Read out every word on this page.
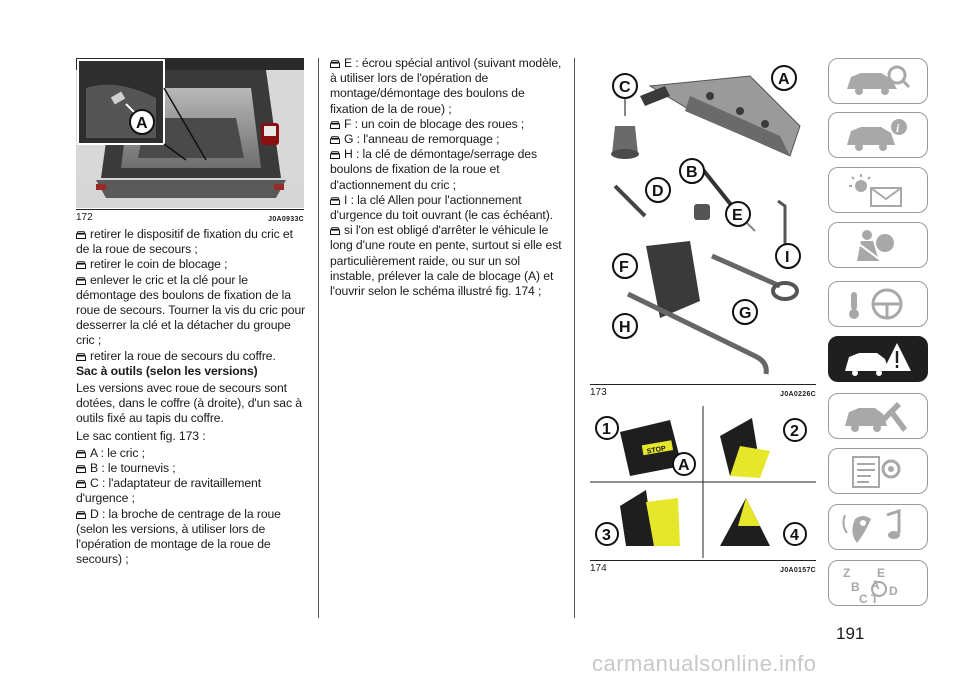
A
172	J0A0933C
retirer le dispositif de fixation du cric et de la roue de secours ;
retirer le coin de blocage ;
enlever le cric et la clé pour le démontage des boulons de fixation de la roue de secours. Tourner la vis du cric pour desserrer la clé et la détacher du groupe cric ;
retirer la roue de secours du coffre.

Sac à outils (selon les versions)

Les versions avec roue de secours sont dotées, dans le coffre (à droite), d'un sac à outils fixé au tapis du coffre.

Le sac contient fig. 173 :

A : le cric ;
B : le tournevis ;
C : l'adaptateur de ravitaillement d'urgence ;
D : la broche de centrage de la roue (selon les versions, à utiliser lors de l'opération de montage de la roue de secours) ;
E : écrou spécial antivol (suivant modèle, à utiliser lors de l'opération de montage/démontage des boulons de fixation de la de roue) ;
F : un coin de blocage des roues ;
G : l'anneau de remorquage ;
H : la clé de démontage/serrage des boulons de fixation de la roue et d'actionnement du cric ;
I : la clé Allen pour l'actionnement d'urgence du toit ouvrant (le cas échéant).
si l'on est obligé d'arrêter le véhicule le long d'une route en pente, surtout si elle est particulièrement raide, ou sur un sol instable, prélever la cale de blocage (A) et l'ouvrir selon le schéma illustré fig. 174 ;
A
C
B
D
E
I
F
G
H
173	J0A0226C
STOP
1
A
2
3	4
174	J0A0157C
i
Z E
B A D
C T
191
carmanualsonline.info
